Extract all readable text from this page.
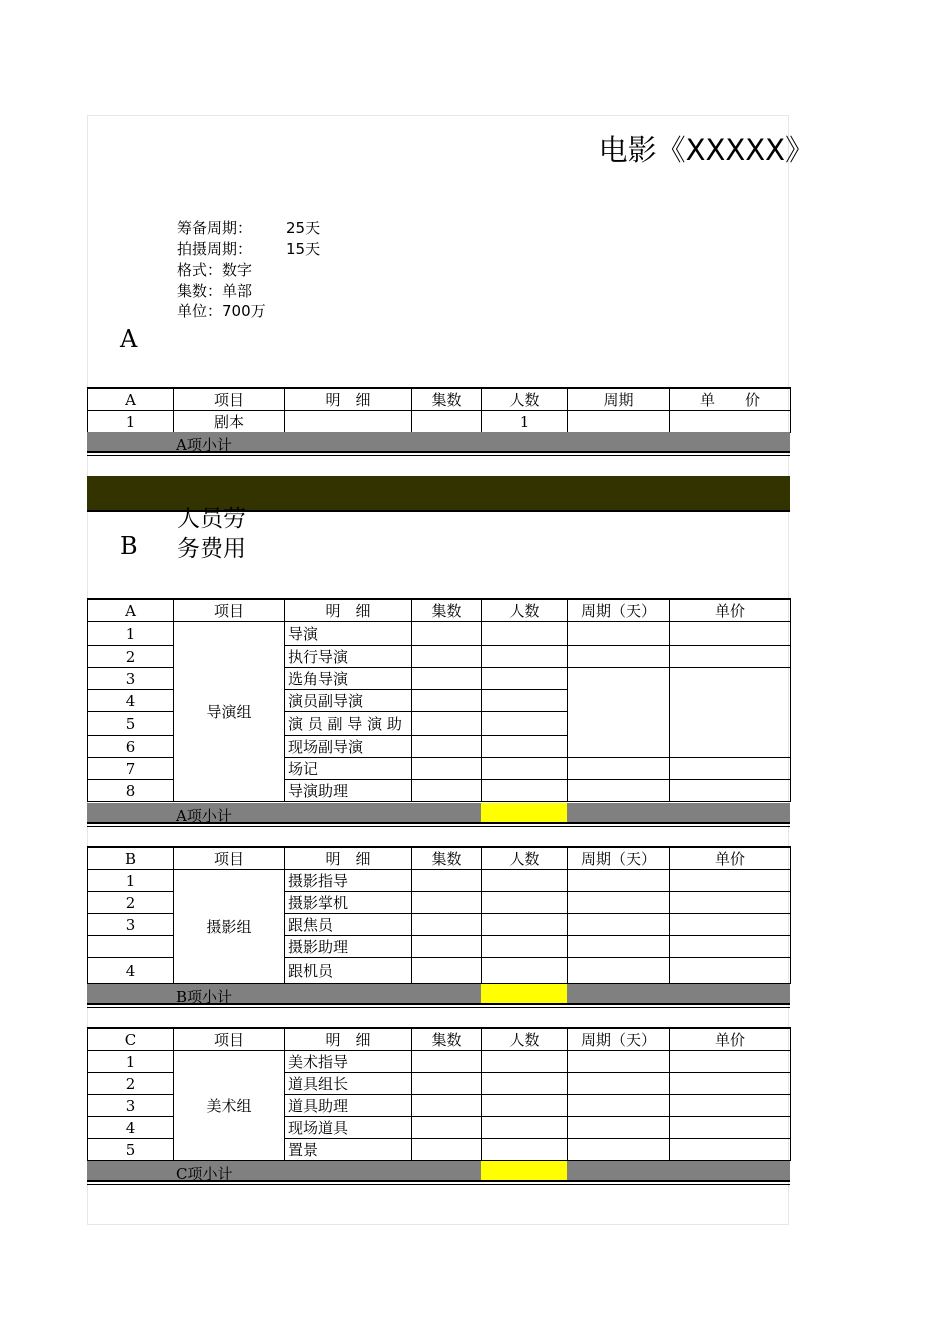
电影《XXXXX》
筹备周期： 25天
拍摄周期： 15天
格式：数字
集数：单部
单位：700万
A
A	项目	明　细	集数	人数	周期	单　　价
1	剧本			1		
A项小计
B
人员劳
务费用
A	项目	明　细	集数	人数	周期（天）	单价
1	导演组	导演				
2		执行导演				
3		选角导演				
4		演员副导演				
5		演 员 副 导 演 助				
6		现场副导演				
7		场记				
8		导演助理				
A项小计
B	项目	明　细	集数	人数	周期（天）	单价
1	摄影组	摄影指导				
2		摄影掌机				
3		跟焦员				
		摄影助理				
4		跟机员				
B项小计
C	项目	明　细	集数	人数	周期（天）	单价
1	美术组	美术指导				
2		道具组长				
3		道具助理				
4		现场道具				
5		置景				
C项小计
